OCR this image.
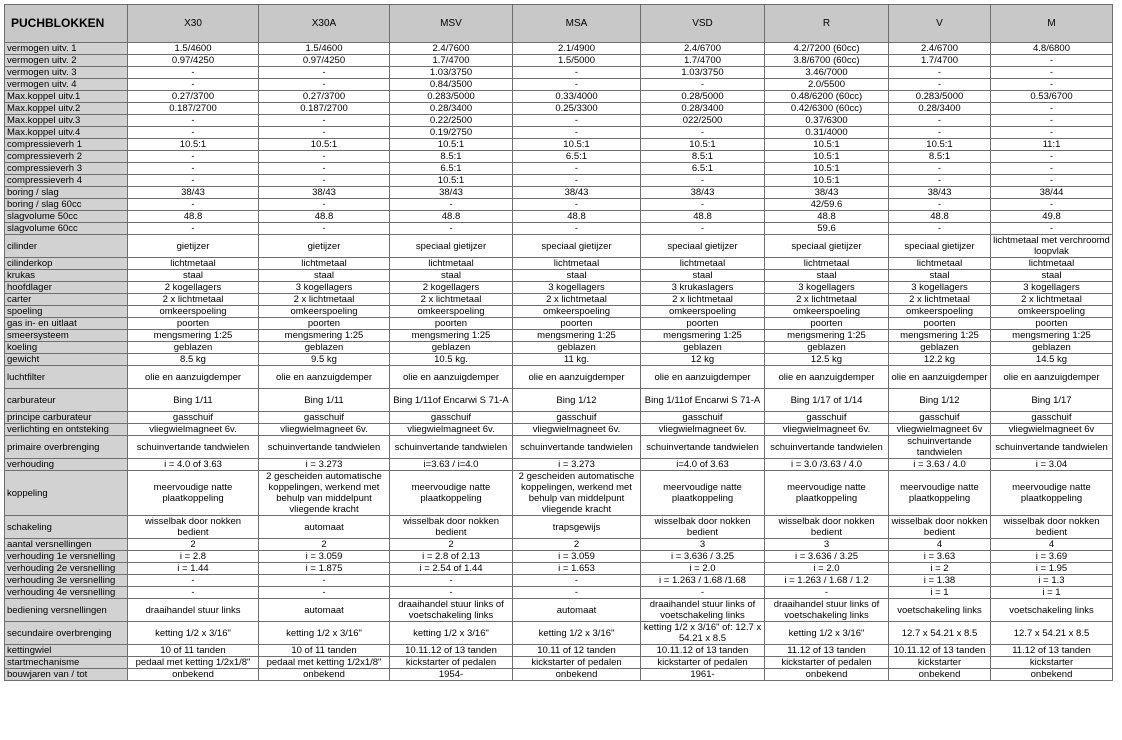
PUCHBLOKKEN	X30	X30A	MSV	MSA	VSD	R	V	M
vermogen uitv. 1	1.5/4600	1.5/4600	2.4/7600	2.1/4900	2.4/6700	4.2/7200 (60cc)	2.4/6700	4.8/6800
vermogen uitv. 2	0.97/4250	0.97/4250	1.7/4700	1.5/5000	1.7/4700	3.8/6700 (60cc)	1.7/4700	-
vermogen uitv. 3	-	-	1.03/3750	-	1.03/3750	3.46/7000	-	-
vermogen uitv. 4	-	-	0.84/3500	-	-	2.0/5500	-	-
Max.koppel uitv.1	0.27/3700	0.27/3700	0.283/5000	0.33/4000	0.28/5000	0.48/6200 (60cc)	0.283/5000	0.53/6700
Max.koppel uitv.2	0.187/2700	0.187/2700	0.28/3400	0.25/3300	0.28/3400	0.42/6300 (60cc)	0.28/3400	-
Max.koppel uitv.3	-	-	0.22/2500	-	022/2500	0.37/6300	-	-
Max.koppel uitv.4	-	-	0.19/2750	-	-	0.31/4000	-	-
compressieverh 1	10.5:1	10.5:1	10.5:1	10.5:1	10.5:1	10.5:1	10.5:1	11:1
compressieverh 2	-	-	8.5:1	6.5:1	8.5:1	10.5:1	8.5:1	-
compressieverh 3	-	-	6.5:1	-	6.5:1	10.5:1	-	-
compressieverh 4	-	-	10.5:1	-	-	10.5:1	-	-
boring / slag	38/43	38/43	38/43	38/43	38/43	38/43	38/43	38/44
boring / slag 60cc	-	-	-	-	-	42/59.6	-	-
slagvolume 50cc	48.8	48.8	48.8	48.8	48.8	48.8	48.8	49.8
slagvolume 60cc	-	-	-	-	-	59.6	-	-
cilinder	gietijzer	gietijzer	speciaal gietijzer	speciaal gietijzer	speciaal gietijzer	speciaal gietijzer	speciaal gietijzer	lichtmetaal met verchroomd loopvlak
cilinderkop	lichtmetaal	lichtmetaal	lichtmetaal	lichtmetaal	lichtmetaal	lichtmetaal	lichtmetaal	lichtmetaal
krukas	staal	staal	staal	staal	staal	staal	staal	staal
hoofdlager	2 kogellagers	3 kogellagers	2 kogellagers	3 kogellagers	3 krukaslagers	3 kogellagers	3 kogellagers	3 kogellagers
carter	2 x lichtmetaal	2 x lichtmetaal	2 x lichtmetaal	2 x lichtmetaal	2 x lichtmetaal	2 x lichtmetaal	2 x lichtmetaal	2 x lichtmetaal
spoeling	omkeerspoeling	omkeerspoeling	omkeerspoeling	omkeerspoeling	omkeerspoeling	omkeerspoeling	omkeerspoeling	omkeerspoeling
gas in- en uitlaat	poorten	poorten	poorten	poorten	poorten	poorten	poorten	poorten
smeersysteem	mengsmering 1:25	mengsmering 1:25	mengsmering 1:25	mengsmering 1:25	mengsmering 1:25	mengsmering 1:25	mengsmering 1:25	mengsmering 1:25
koeling	geblazen	geblazen	geblazen	geblazen	geblazen	geblazen	geblazen	geblazen
gewicht	8.5 kg	9.5 kg	10.5 kg.	11 kg.	12 kg	12.5 kg	12.2 kg	14.5 kg
luchtfilter	olie en aanzuigdemper	olie en aanzuigdemper	olie en aanzuigdemper	olie en aanzuigdemper	olie en aanzuigdemper	olie en aanzuigdemper	olie en aanzuigdemper	olie en aanzuigdemper
carburateur	Bing 1/11	Bing 1/11	Bing 1/11of Encarwi S 71-A	Bing 1/12	Bing 1/11of Encarwi S 71-A	Bing 1/17 of 1/14	Bing 1/12	Bing 1/17
principe carburateur	gasschuif	gasschuif	gasschuif	gasschuif	gasschuif	gasschuif	gasschuif	gasschuif
verlichting en ontsteking	vliegwielmagneet 6v.	vliegwielmagneet 6v.	vliegwielmagneet 6v.	vliegwielmagneet 6v.	vliegwielmagneet 6v.	vliegwielmagneet 6v.	vliegwielmagneet 6v	vliegwielmagneet 6v
primaire overbrenging	schuinvertande tandwielen	schuinvertande tandwielen	schuinvertande tandwielen	schuinvertande tandwielen	schuinvertande tandwielen	schuinvertande tandwielen	schuinvertande tandwielen	schuinvertande tandwielen
verhouding	i = 4.0 of 3.63	i = 3.273	i=3.63 / i=4.0	i = 3.273	i=4.0 of 3.63	i = 3.0 /3.63 / 4.0	i = 3.63 / 4.0	i = 3.04
koppeling	meervoudige natte plaatkoppeling	2 gescheiden automatische koppelingen, werkend met behulp van middelpunt vliegende kracht	meervoudige natte plaatkoppeling	2 gescheiden automatische koppelingen, werkend met behulp van middelpunt vliegende kracht	meervoudige natte plaatkoppeling	meervoudige natte plaatkoppeling	meervoudige natte plaatkoppeling	meervoudige natte plaatkoppeling
schakeling	wisselbak door nokken bedient	automaat	wisselbak door nokken bedient	trapsgewijs	wisselbak door nokken bedient	wisselbak door nokken bedient	wisselbak door nokken bedient	wisselbak door nokken bedient
aantal versnellingen	2	2	2	2	3	3	4	4
verhouding 1e versnelling	i = 2.8	i = 3.059	i = 2.8 of 2.13	i = 3.059	i = 3.636 / 3.25	i = 3.636 / 3.25	i = 3.63	i = 3.69
verhouding 2e versnelling	i = 1.44	i = 1.875	i = 2.54 of 1.44	i = 1.653	i = 2.0	i = 2.0	i = 2	i = 1.95
verhouding 3e versnelling	-	-	-	-	i = 1.263 / 1.68 /1.68	i = 1.263 / 1.68 / 1.2	i = 1.38	i = 1.3
verhouding 4e versnelling	-	-	-	-	-	-	i = 1	i = 1
bediening versnellingen	draaihandel stuur links	automaat	draaihandel stuur links of voetschakeling links	automaat	draaihandel stuur links of voetschakeling links	draaihandel stuur links of voetschakeling links	voetschakeling links	voetschakeling links
secundaire overbrenging	ketting 1/2 x 3/16"	ketting 1/2 x 3/16"	ketting 1/2 x 3/16"	ketting 1/2 x 3/16"	ketting 1/2 x 3/16" of: 12.7 x 54.21 x 8.5	ketting 1/2 x 3/16"	12.7 x 54.21 x 8.5	12.7 x 54.21 x 8.5
kettingwiel	10 of 11 tanden	10 of 11 tanden	10.11.12 of 13 tanden	10.11 of 12 tanden	10.11.12 of 13 tanden	11.12 of 13 tanden	10.11.12 of 13 tanden	11.12 of 13 tanden
startmechanisme	pedaal met ketting 1/2x1/8"	pedaal met ketting 1/2x1/8"	kickstarter of pedalen	kickstarter of pedalen	kickstarter of pedalen	kickstarter of pedalen	kickstarter	kickstarter
bouwjaren van / tot	onbekend	onbekend	1954-	onbekend	1961-	onbekend	onbekend	onbekend
